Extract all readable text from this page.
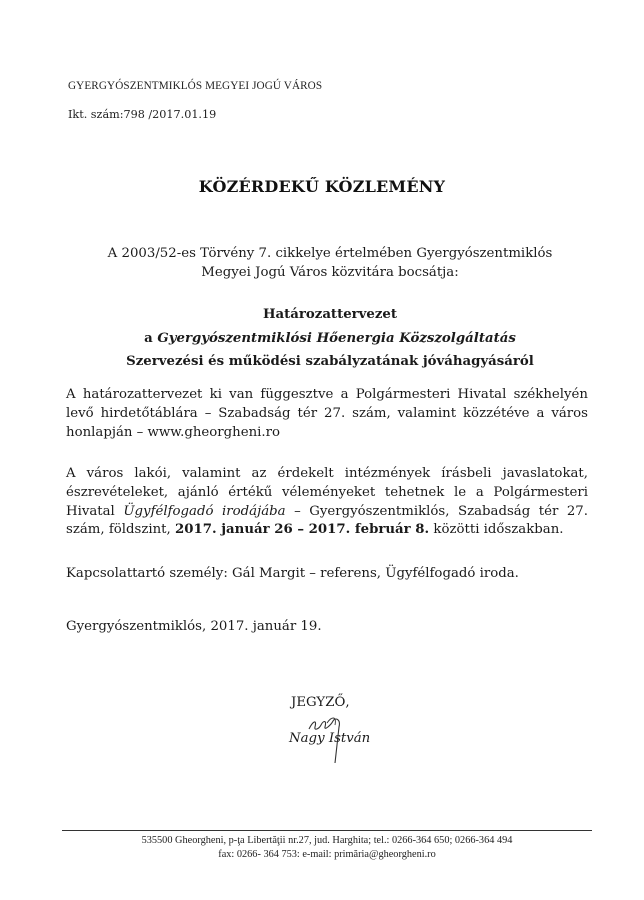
GYERGYÓSZENTMIKLÓS MEGYEI JOGÚ VÁROS
Ikt. szám:798 /2017.01.19
KÖZÉRDEKŰ KÖZLEMÉNY
A 2003/52-es Törvény 7. cikkelye értelmében Gyergyószentmiklós
Megyei Jogú Város közvitára bocsátja:
Határozattervezet
a Gyergyószentmiklósi Hőenergia Közszolgáltatás
Szervezési és működési szabályzatának jóváhagyásáról
A határozattervezet ki van függesztve a Polgármesteri Hivatal székhelyén levő hirdetőtáblára – Szabadság tér 27. szám, valamint közzétéve a város honlapján – www.gheorgheni.ro
A város lakói, valamint az érdekelt intézmények írásbeli javaslatokat, észrevételeket, ajánló értékű véleményeket tehetnek le a Polgármesteri Hivatal Ügyfélfogadó irodájába – Gyergyószentmiklós, Szabadság tér 27. szám, földszint, 2017. január 26 – 2017. február 8. közötti időszakban.
Kapcsolattartó személy: Gál Margit – referens, Ügyfélfogadó iroda.
Gyergyószentmiklós, 2017. január 19.
JEGYZŐ,
Nagy István
535500 Gheorgheni, p-ţa Libertăţii nr.27, jud. Harghita; tel.: 0266-364 650; 0266-364 494
fax: 0266- 364 753: e-mail: primăria@gheorgheni.ro
